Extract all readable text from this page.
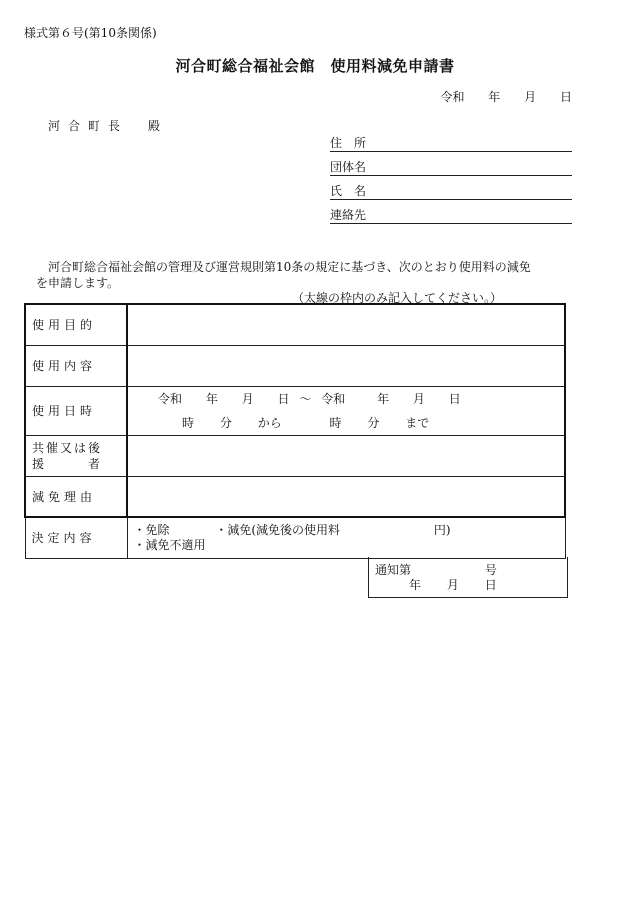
様式第６号(第10条関係)
河合町総合福祉会館　使用料減免申請書
令和 年 月 日
河合町長　殿
住　所
団体名
氏　名
連絡先
河合町総合福祉会館の管理及び運営規則第10条の規定に基づき、次のとおり使用料の減免
を申請します。
（太線の枠内のみ記入してください。）
使用目的	
使用内容	
使用日時	令和 年 月 日 ～ 令和 年 月 日
時 分 から 時 分 まで

共催又は後
援　　　者	

減免理由	
決定内容	・免除 ・減免(減免後の使用料 円)
・減免不適用
通知第	号
年 月 日
